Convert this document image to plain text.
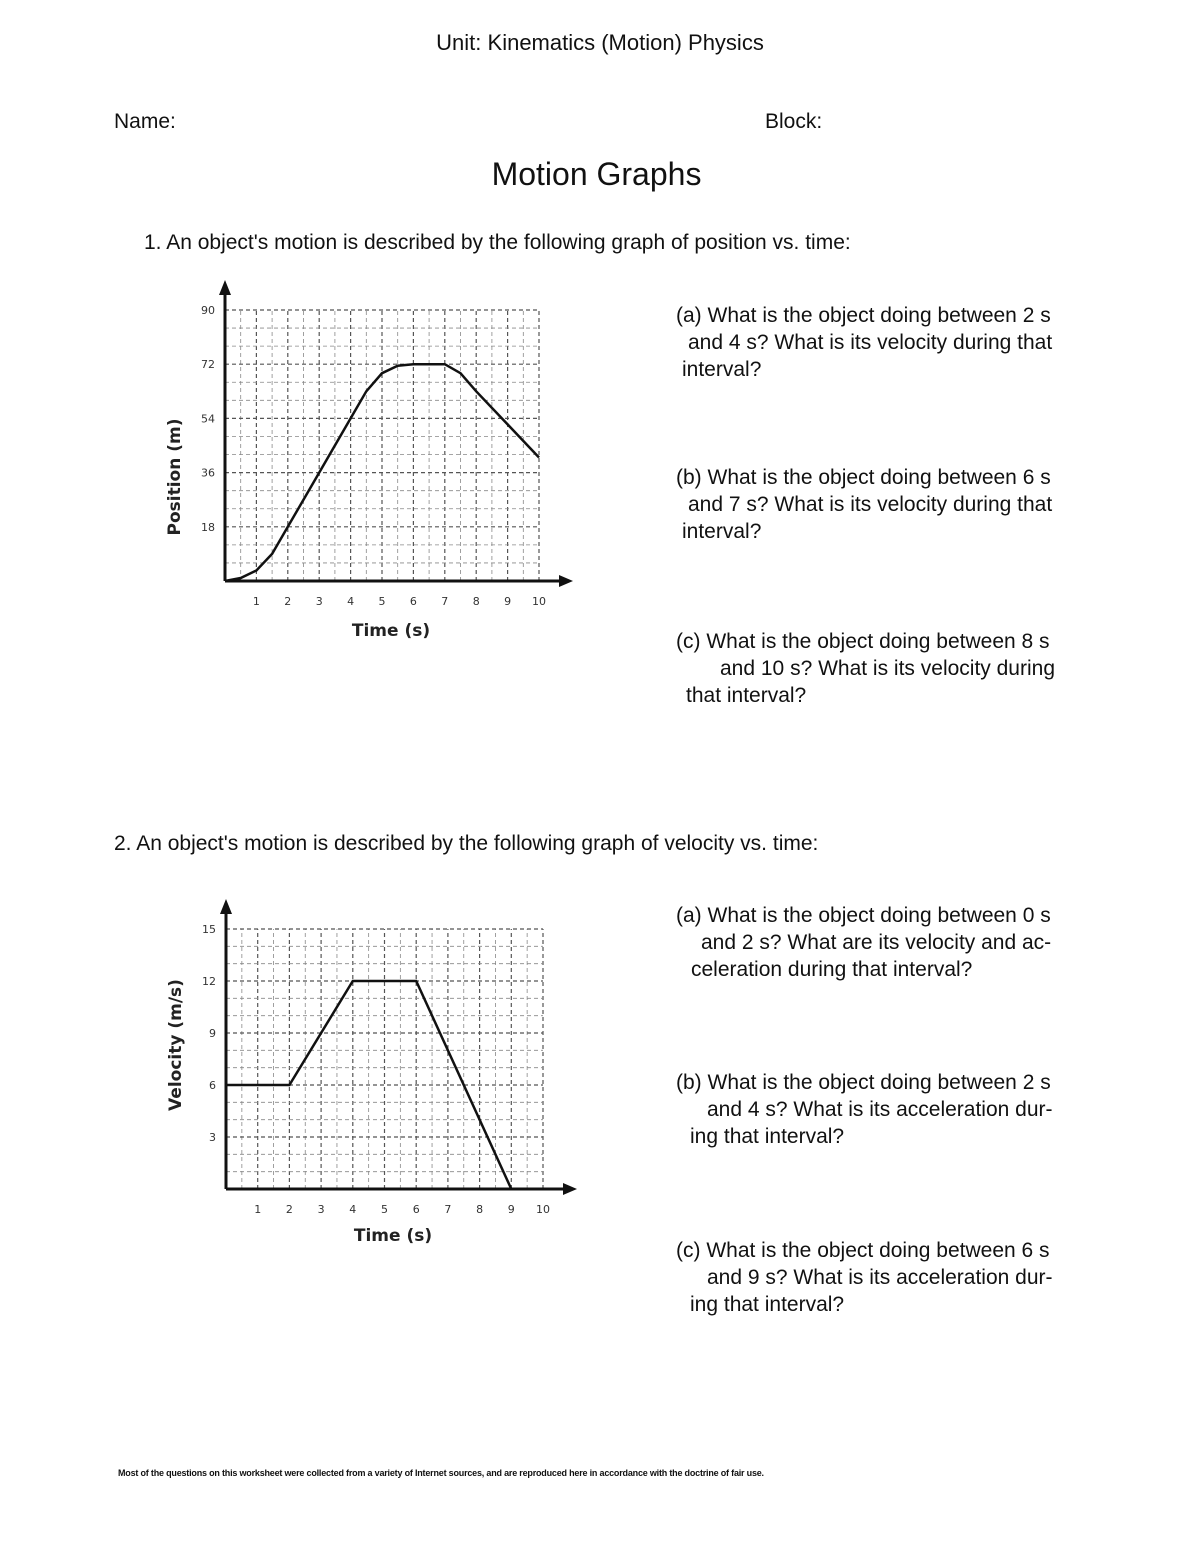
Unit: Kinematics (Motion) Physics
Name:	Block:
Motion Graphs
1. An object's motion is described by the following graph of position vs. time:
1 2 3 4 5 6 7 8 9 10
18
36
54
72
90
Time (s)
Position (m)
(a) What is the object doing between 2 s
and 4 s? What is its velocity during that
interval?
(b) What is the object doing between 6 s
and 7 s? What is its velocity during that
interval?
(c) What is the object doing between 8 s
and 10 s? What is its velocity during
that interval?
2. An object's motion is described by the following graph of velocity vs. time:
1 2 3 4 5 6 7 8 9 10
3
6
9
12
15
Time (s)
Velocity (m/s)
(a) What is the object doing between 0 s
and 2 s? What are its velocity and ac-
celeration during that interval?
(b) What is the object doing between 2 s
and 4 s? What is its acceleration dur-
ing that interval?
(c) What is the object doing between 6 s
and 9 s? What is its acceleration dur-
ing that interval?
Most of the questions on this worksheet were collected from a variety of Internet sources, and are reproduced here in accordance with the doctrine of fair use.
